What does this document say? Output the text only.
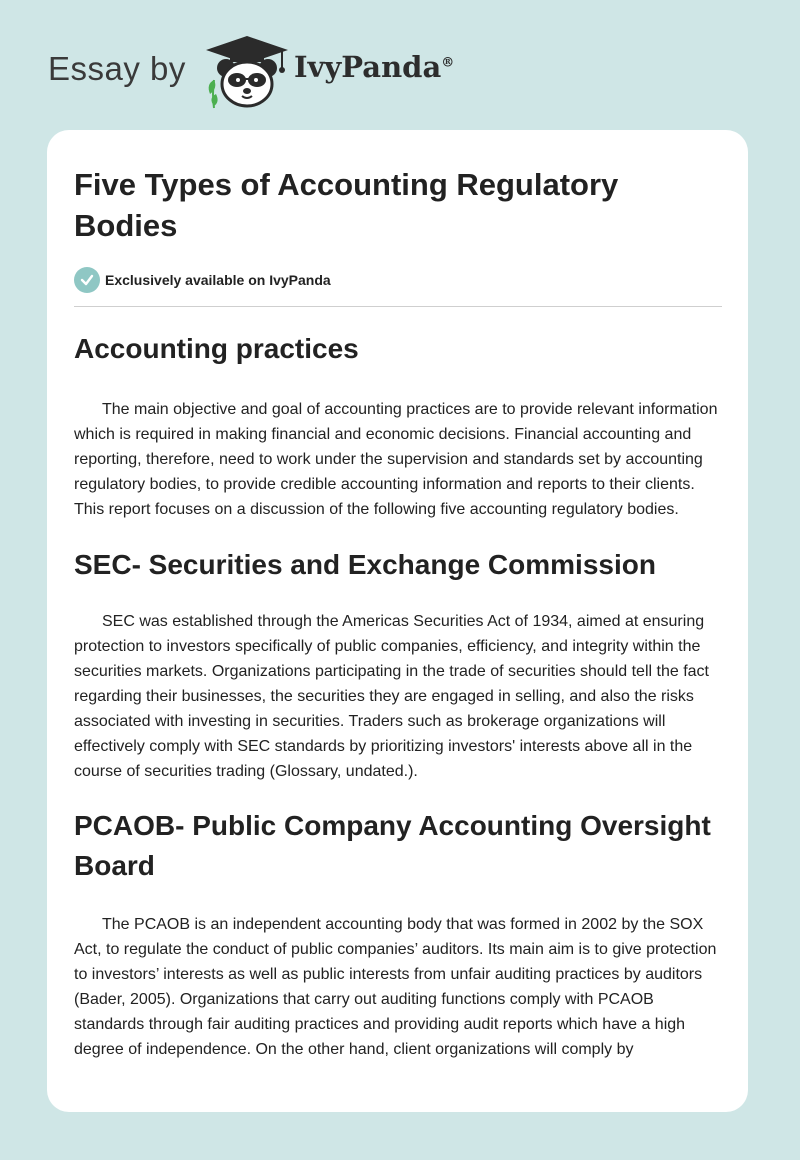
Essay by	IvyPanda®
Five Types of Accounting Regulatory Bodies
Exclusively available on IvyPanda
Accounting practices

The main objective and goal of accounting practices are to provide relevant information which is required in making financial and economic decisions. Financial accounting and reporting, therefore, need to work under the supervision and standards set by accounting regulatory bodies, to provide credible accounting information and reports to their clients. This report focuses on a discussion of the following five accounting regulatory bodies.

SEC- Securities and Exchange Commission

SEC was established through the Americas Securities Act of 1934, aimed at ensuring protection to investors specifically of public companies, efficiency, and integrity within the securities markets. Organizations participating in the trade of securities should tell the fact regarding their businesses, the securities they are engaged in selling, and also the risks associated with investing in securities. Traders such as brokerage organizations will effectively comply with SEC standards by prioritizing investors' interests above all in the course of securities trading (Glossary, undated.).

PCAOB- Public Company Accounting Oversight Board

The PCAOB is an independent accounting body that was formed in 2002 by the SOX Act, to regulate the conduct of public companies’ auditors. Its main aim is to give protection to investors’ interests as well as public interests from unfair auditing practices by auditors (Bader, 2005). Organizations that carry out auditing functions comply with PCAOB standards through fair auditing practices and providing audit reports which have a high degree of independence. On the other hand, client organizations will comply by
